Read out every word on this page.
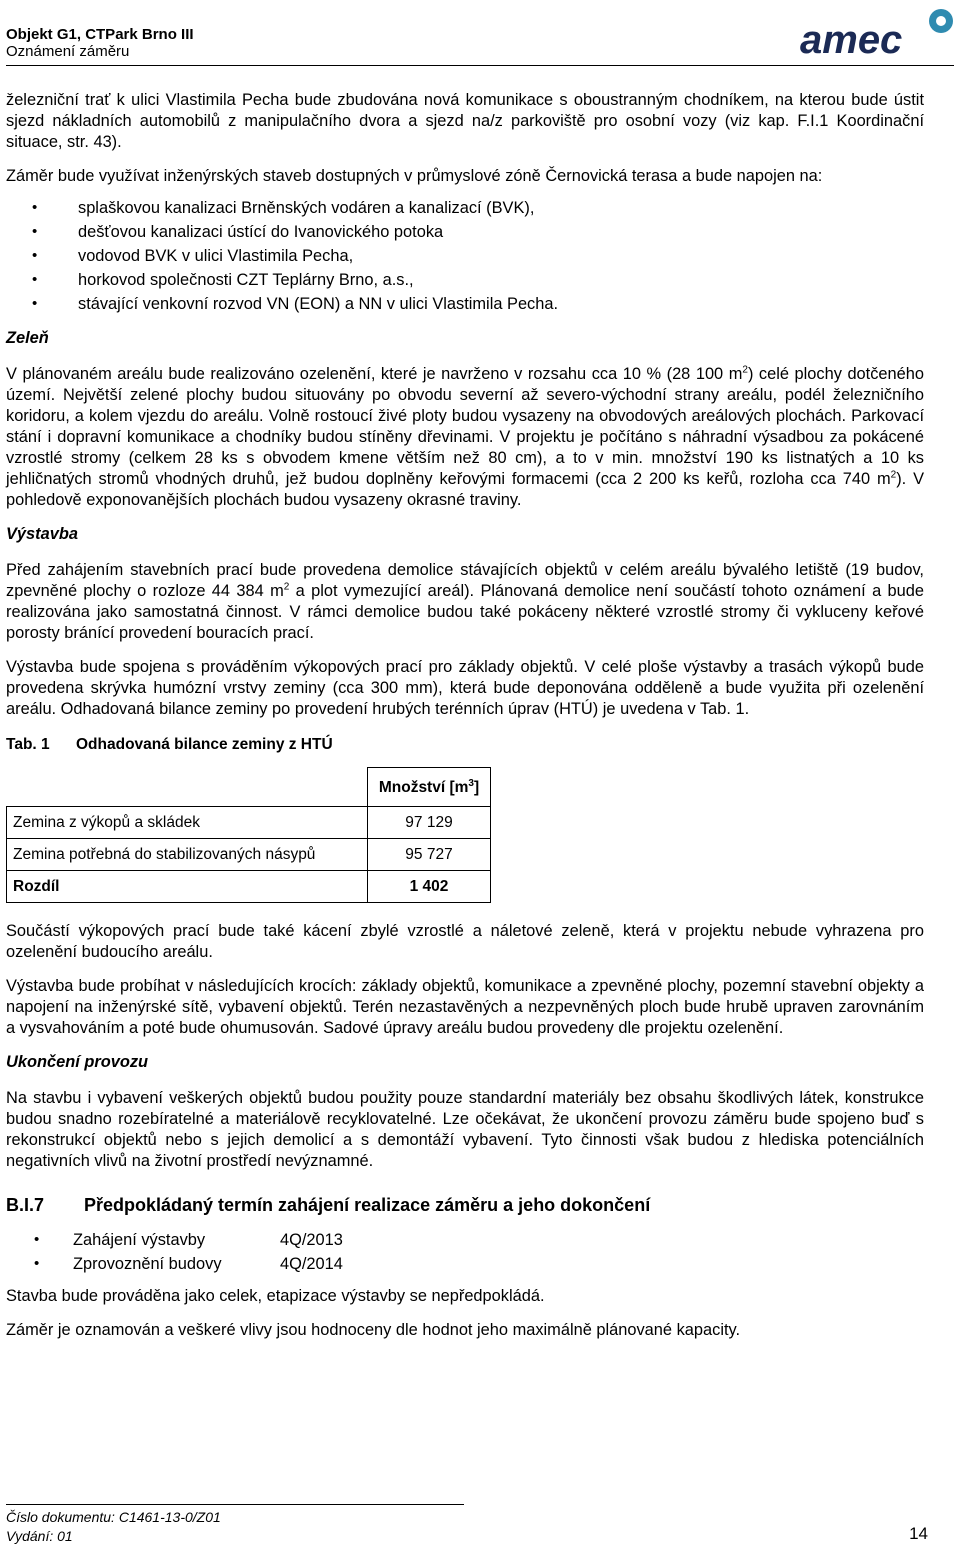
Objekt G1, CTPark Brno III
Oznámení záměru	amec

železniční trať k ulici Vlastimila Pecha bude zbudována nová komunikace s oboustranným chodníkem, na kterou bude ústit sjezd nákladních automobilů z manipulačního dvora a sjezd na/z parkoviště pro osobní vozy (viz kap. F.I.1 Koordinační situace, str. 43).

Záměr bude využívat inženýrských staveb dostupných v průmyslové zóně Černovická terasa a bude napojen na:

• splaškovou kanalizaci Brněnských vodáren a kanalizací (BVK),
• dešťovou kanalizaci ústící do Ivanovického potoka
• vodovod BVK v ulici Vlastimila Pecha,
• horkovod společnosti CZT Teplárny Brno, a.s.,
• stávající venkovní rozvod VN (EON) a NN v ulici Vlastimila Pecha.
Zeleň

V plánovaném areálu bude realizováno ozelenění, které je navrženo v rozsahu cca 10 % (28 100 $m^2$) celé plochy dotčeného území. Největší zelené plochy budou situovány po obvodu severní až severo-východní strany areálu, podél železničního koridoru, a kolem vjezdu do areálu. Volně rostoucí živé ploty budou vysazeny na obvodových areálových plochách. Parkovací stání i dopravní komunikace a chodníky budou stíněny dřevinami. V projektu je počítáno s náhradní výsadbou za pokácené vzrostlé stromy (celkem 28 ks s obvodem kmene větším než 80 cm), a to v min. množství 190 ks listnatých a 10 ks jehličnatých stromů vhodných druhů, jež budou doplněny keřovými formacemi (cca 2 200 ks keřů, rozloha cca 740 $m^2$). V pohledově exponovanějších plochách budou vysazeny okrasné traviny.

Výstavba

Před zahájením stavebních prací bude provedena demolice stávajících objektů v celém areálu bývalého letiště (19 budov, zpevněné plochy o rozloze 44 384 $m^2$ a plot vymezující areál). Plánovaná demolice není součástí tohoto oznámení a bude realizována jako samostatná činnost. V rámci demolice budou také pokáceny některé vzrostlé stromy či vykluceny keřové porosty bránící provedení bouracích prací.

Výstavba bude spojena s prováděním výkopových prací pro základy objektů. V celé ploše výstavby a trasách výkopů bude provedena skrývka humózní vrstvy zeminy (cca 300 mm), která bude deponována odděleně a bude využita při ozelenění areálu. Odhadovaná bilance zeminy po provedení hrubých terénních úprav (HTÚ) je uvedena v Tab. 1.

Tab. 1 Odhadovaná bilance zeminy z HTÚ
	Množství $[m^3]$
Zemina z výkopů a skládek	97 129
Zemina potřebná do stabilizovaných násypů	95 727
Rozdíl	1 402

Součástí výkopových prací bude také kácení zbylé vzrostlé a náletové zeleně, která v projektu nebude vyhrazena pro ozelenění budoucího areálu.

Výstavba bude probíhat v následujících krocích: základy objektů, komunikace a zpevněné plochy, pozemní stavební objekty a napojení na inženýrské sítě, vybavení objektů. Terén nezastavěných a nezpevněných ploch bude hrubě upraven zarovnáním a vysvahováním a poté bude ohumusován. Sadové úpravy areálu budou provedeny dle projektu ozelenění.

Ukončení provozu

Na stavbu i vybavení veškerých objektů budou použity pouze standardní materiály bez obsahu škodlivých látek, konstrukce budou snadno rozebíratelné a materiálově recyklovatelné. Lze očekávat, že ukončení provozu záměru bude spojeno buď s rekonstrukcí objektů nebo s jejich demolicí a s demontáží vybavení. Tyto činnosti však budou z hlediska potenciálních negativních vlivů na životní prostředí nevýznamné.

B.I.7 Předpokládaný termín zahájení realizace záměru a jeho dokončení
• Zahájení výstavby	4Q/2013
• Zprovoznění budovy	4Q/2014

Stavba bude prováděna jako celek, etapizace výstavby se nepředpokládá.

Záměr je oznamován a veškeré vlivy jsou hodnoceny dle hodnot jeho maximálně plánované kapacity.

Číslo dokumentu: C1461-13-0/Z01
Vydání: 01	14
